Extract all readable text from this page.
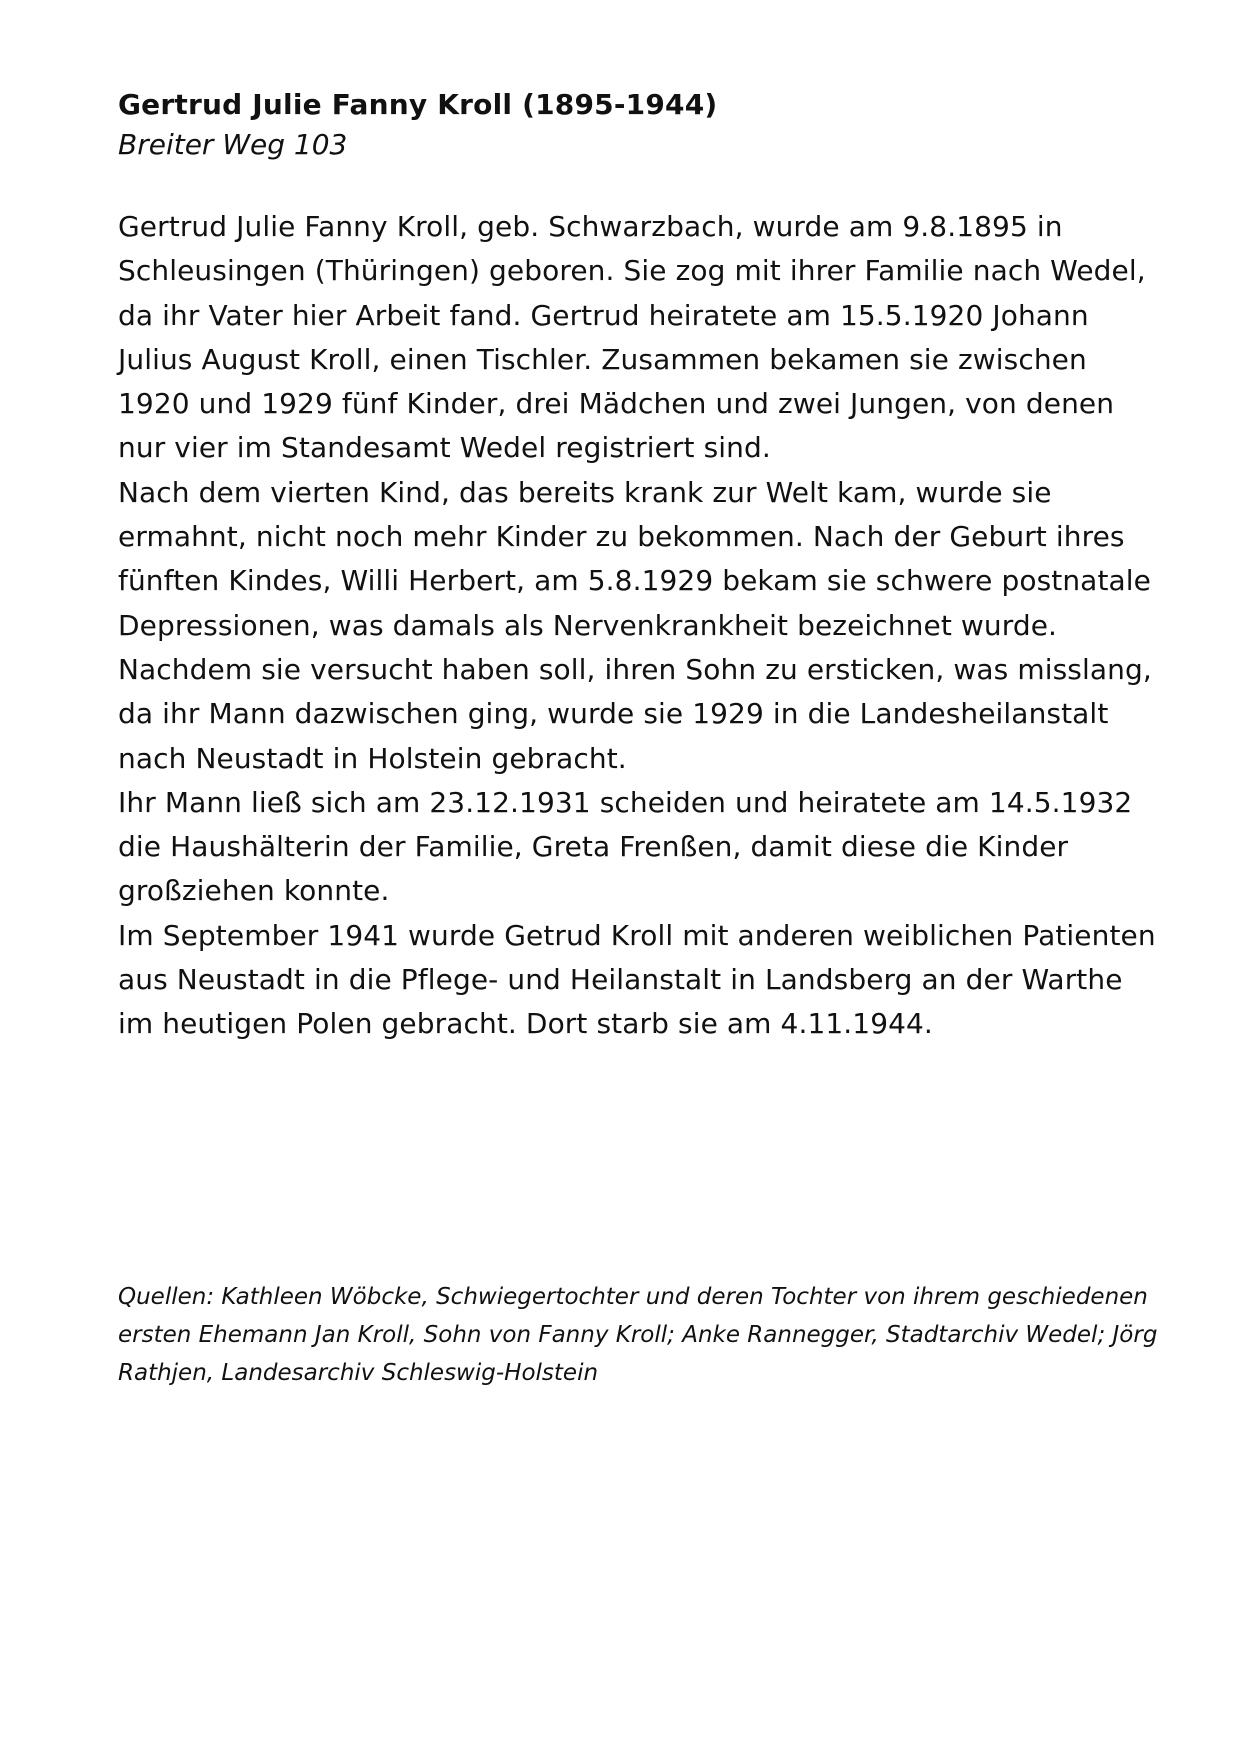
Gertrud Julie Fanny Kroll (1895-1944)

Breiter Weg 103

Gertrud Julie Fanny Kroll, geb. Schwarzbach, wurde am 9.8.1895 in Schleusingen (Thüringen) geboren. Sie zog mit ihrer Familie nach Wedel, da ihr Vater hier Arbeit fand. Gertrud heiratete am 15.5.1920 Johann Julius August Kroll, einen Tischler. Zusammen bekamen sie zwischen 1920 und 1929 fünf Kinder, drei Mädchen und zwei Jungen, von denen nur vier im Standesamt Wedel registriert sind.

Nach dem vierten Kind, das bereits krank zur Welt kam, wurde sie ermahnt, nicht noch mehr Kinder zu bekommen. Nach der Geburt ihres fünften Kindes, Willi Herbert, am 5.8.1929 bekam sie schwere postnatale Depressionen, was damals als Nervenkrankheit bezeichnet wurde. Nachdem sie versucht haben soll, ihren Sohn zu ersticken, was misslang, da ihr Mann dazwischen ging, wurde sie 1929 in die Landesheilanstalt nach Neustadt in Holstein gebracht.

Ihr Mann ließ sich am 23.12.1931 scheiden und heiratete am 14.5.1932 die Haushälterin der Familie, Greta Frenßen, damit diese die Kinder großziehen konnte.

Im September 1941 wurde Getrud Kroll mit anderen weiblichen Patienten aus Neustadt in die Pflege- und Heilanstalt in Landsberg an der Warthe im heutigen Polen gebracht. Dort starb sie am 4.11.1944.

Quellen: Kathleen Wöbcke, Schwiegertochter und deren Tochter von ihrem geschiedenen ersten Ehemann Jan Kroll, Sohn von Fanny Kroll; Anke Rannegger, Stadtarchiv Wedel; Jörg Rathjen, Landesarchiv Schleswig-Holstein
